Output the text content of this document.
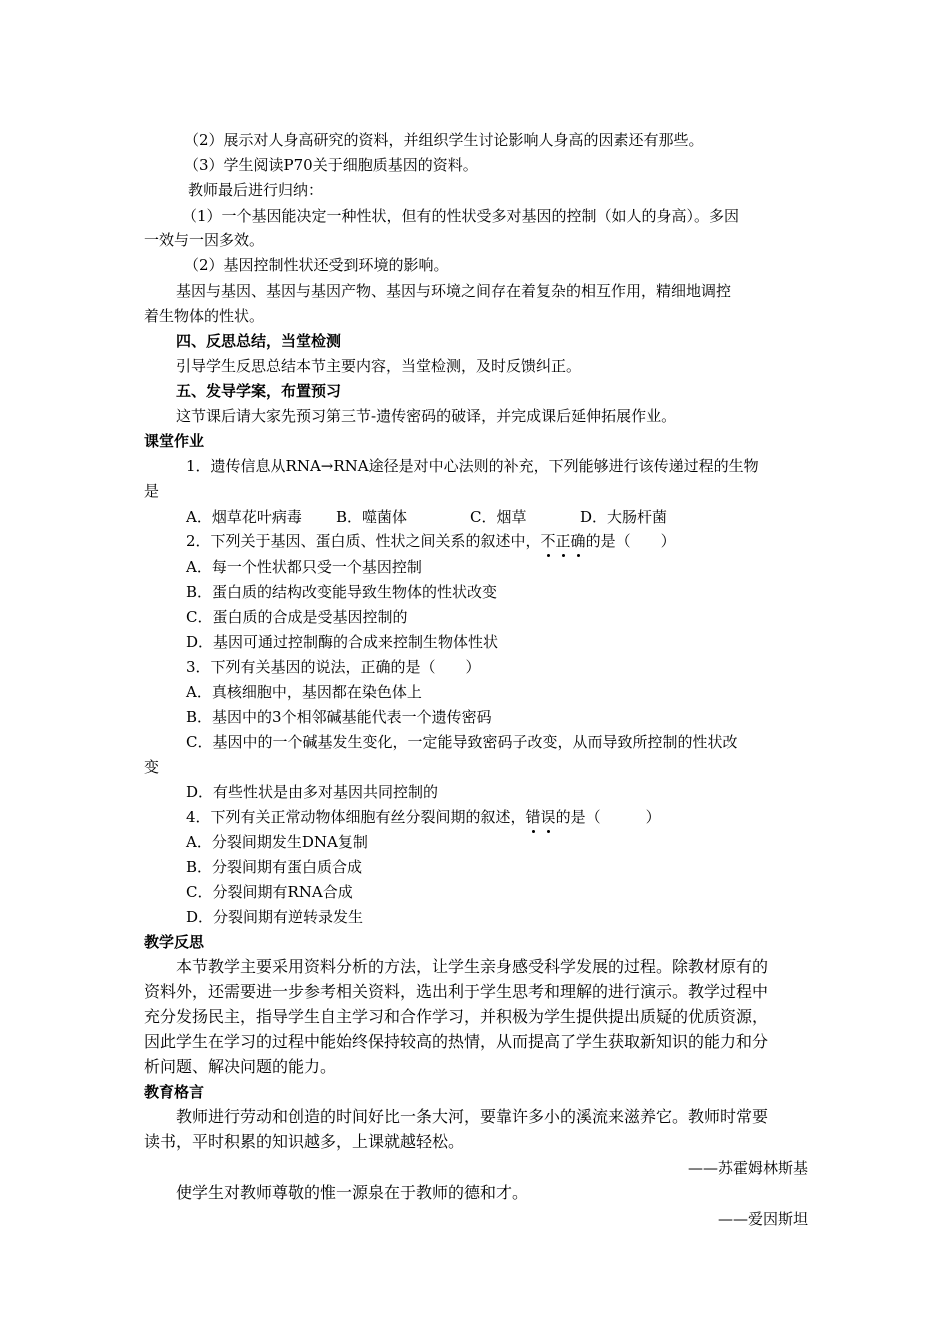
（2）展示对人身高研究的资料，并组织学生讨论影响人身高的因素还有那些。
（3）学生阅读P70关于细胞质基因的资料。
教师最后进行归纳：
（1）一个基因能决定一种性状，但有的性状受多对基因的控制（如人的身高）。多因
一效与一因多效。
（2）基因控制性状还受到环境的影响。
基因与基因、基因与基因产物、基因与环境之间存在着复杂的相互作用，精细地调控
着生物体的性状。
四、反思总结，当堂检测
引导学生反思总结本节主要内容，当堂检测，及时反馈纠正。
五、发导学案，布置预习
这节课后请大家先预习第三节-遗传密码的破译，并完成课后延伸拓展作业。
课堂作业
1．遗传信息从RNA→RNA途径是对中心法则的补充，下列能够进行该传递过程的生物
是
A．烟草花叶病毒 B．噬菌体	C．烟草	D．大肠杆菌
2．下列关于基因、蛋白质、性状之间关系的叙述中，不正确
的是（　　）
A．每一个性状都只受一个基因控制
B．蛋白质的结构改变能导致生物体的性状改变
C．蛋白质的合成是受基因控制的
D．基因可通过控制酶的合成来控制生物体性状
3．下列有关基因的说法，正确的是（　　）
A．真核细胞中，基因都在染色体上
B．基因中的3个相邻碱基能代表一个遗传密码
C．基因中的一个碱基发生变化，一定能导致密码子改变，从而导致所控制的性状改
变
D．有些性状是由多对基因共同控制的
4．下列有关正常动物体细胞有丝分裂间期的叙述，错误
的是（　　　）
A．分裂间期发生DNA复制
B．分裂间期有蛋白质合成
C．分裂间期有RNA合成
D．分裂间期有逆转录发生
教学反思
本节教学主要采用资料分析的方法，让学生亲身感受科学发展的过程。除教材原有的
资料外，还需要进一步参考相关资料，选出利于学生思考和理解的进行演示。教学过程中
充分发扬民主，指导学生自主学习和合作学习，并积极为学生提供提出质疑的优质资源，
因此学生在学习的过程中能始终保持较高的热情，从而提高了学生获取新知识的能力和分
析问题、解决问题的能力。
教育格言
教师进行劳动和创造的时间好比一条大河，要靠许多小的溪流来滋养它。教师时常要
读书，平时积累的知识越多，上课就越轻松。
——苏霍姆林斯基
使学生对教师尊敬的惟一源泉在于教师的德和才。
——爱因斯坦
